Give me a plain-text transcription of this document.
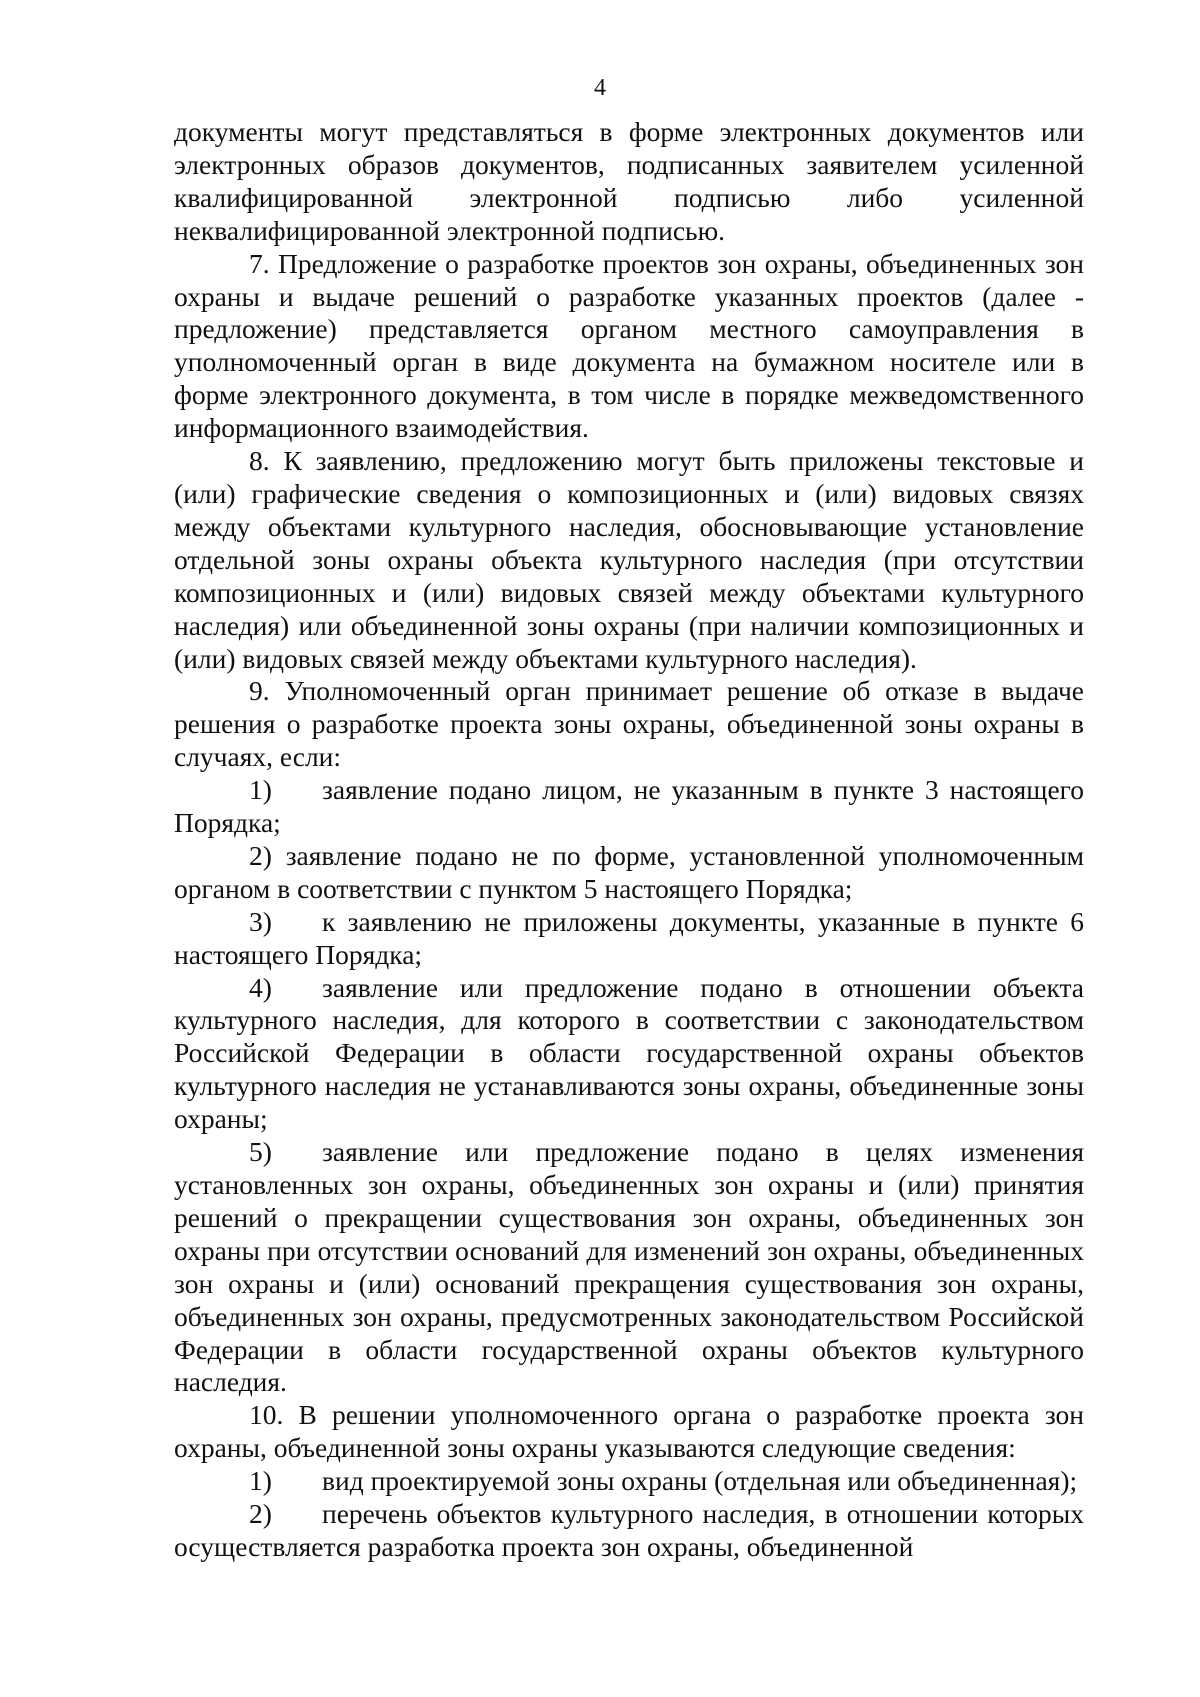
4

документы могут представляться в форме электронных документов или электронных образов документов, подписанных заявителем усиленной квалифицированной электронной подписью либо усиленной неквалифицированной электронной подписью.

7. Предложение о разработке проектов зон охраны, объединенных зон охраны и выдаче решений о разработке указанных проектов (далее - предложение) представляется органом местного самоуправления в уполномоченный орган в виде документа на бумажном носителе или в форме электронного документа, в том числе в порядке межведомственного информационного взаимодействия.

8. К заявлению, предложению могут быть приложены текстовые и (или) графические сведения о композиционных и (или) видовых связях между объектами культурного наследия, обосновывающие установление отдельной зоны охраны объекта культурного наследия (при отсутствии композиционных и (или) видовых связей между объектами культурного наследия) или объединенной зоны охраны (при наличии композиционных и (или) видовых связей между объектами культурного наследия).

9. Уполномоченный орган принимает решение об отказе в выдаче решения о разработке проекта зоны охраны, объединенной зоны охраны в случаях, если:

1) заявление подано лицом, не указанным в пункте 3 настоящего Порядка;

2) заявление подано не по форме, установленной уполномоченным органом в соответствии с пунктом 5 настоящего Порядка;

3) к заявлению не приложены документы, указанные в пункте 6 настоящего Порядка;

4) заявление или предложение подано в отношении объекта культурного наследия, для которого в соответствии с законодательством Российской Федерации в области государственной охраны объектов культурного наследия не устанавливаются зоны охраны, объединенные зоны охраны;

5) заявление или предложение подано в целях изменения установленных зон охраны, объединенных зон охраны и (или) принятия решений о прекращении существования зон охраны, объединенных зон охраны при отсутствии оснований для изменений зон охраны, объединенных зон охраны и (или) оснований прекращения существования зон охраны, объединенных зон охраны, предусмотренных законодательством Российской Федерации в области государственной охраны объектов культурного наследия.

10. В решении уполномоченного органа о разработке проекта зон охраны, объединенной зоны охраны указываются следующие сведения:

1) вид проектируемой зоны охраны (отдельная или объединенная);

2) перечень объектов культурного наследия, в отношении которых осуществляется разработка проекта зон охраны, объединенной
